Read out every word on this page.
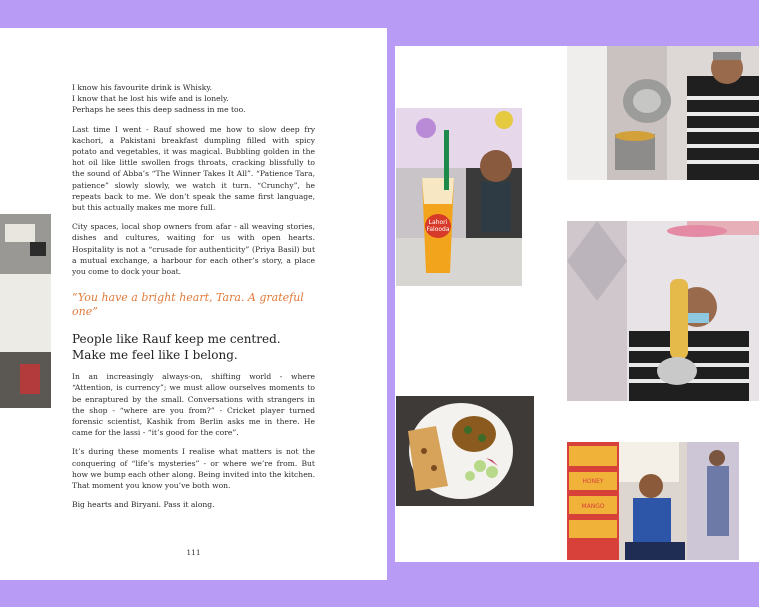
I know his favourite drink is Whisky.
I know that he lost his wife and is lonely.
Perhaps he sees this deep sadness in me too.

Last time I went - Rauf showed me how to slow deep fry kachori, a Pakistani breakfast dumpling filled with spicy potato and vegetables, it was magical. Bubbling golden in the hot oil like little swollen frogs throats, cracking blissfully to the sound of Abba’s “The Winner Takes It All”. “Patience Tara, patience” slowly slowly, we watch it turn. “Crunchy”, he repeats back to me. We don’t speak the same first language, but this actually makes me more full.

City spaces, local shop owners from afar - all weaving stories, dishes and cultures, waiting for us with open hearts. Hospitality is not a “crusade for authenticity” (Priya Basil) but a mutual exchange, a harbour for each other’s story, a place you come to dock your boat.

“You have a bright heart, Tara. A grateful one”

People like Rauf keep me centred. Make me feel like I belong.

In an increasingly always-on, shifting world - where “Attention, is currency”; we must allow ourselves moments to be enraptured by the small. Conversations with strangers in the shop - “where are you from?” - Cricket player turned forensic scientist, Kashik from Berlin asks me in there. He came for the lassi - “it’s good for the core”.

It’s during these moments I realise what matters is not the conquering of “life’s mysteries” - or where we’re from. But how we bump each other along. Being invited into the kitchen. That moment you know you’ve both won.

Big hearts and Biryani. Pass it along.

111
Lahori
Falooda
HONEY
MANGO
